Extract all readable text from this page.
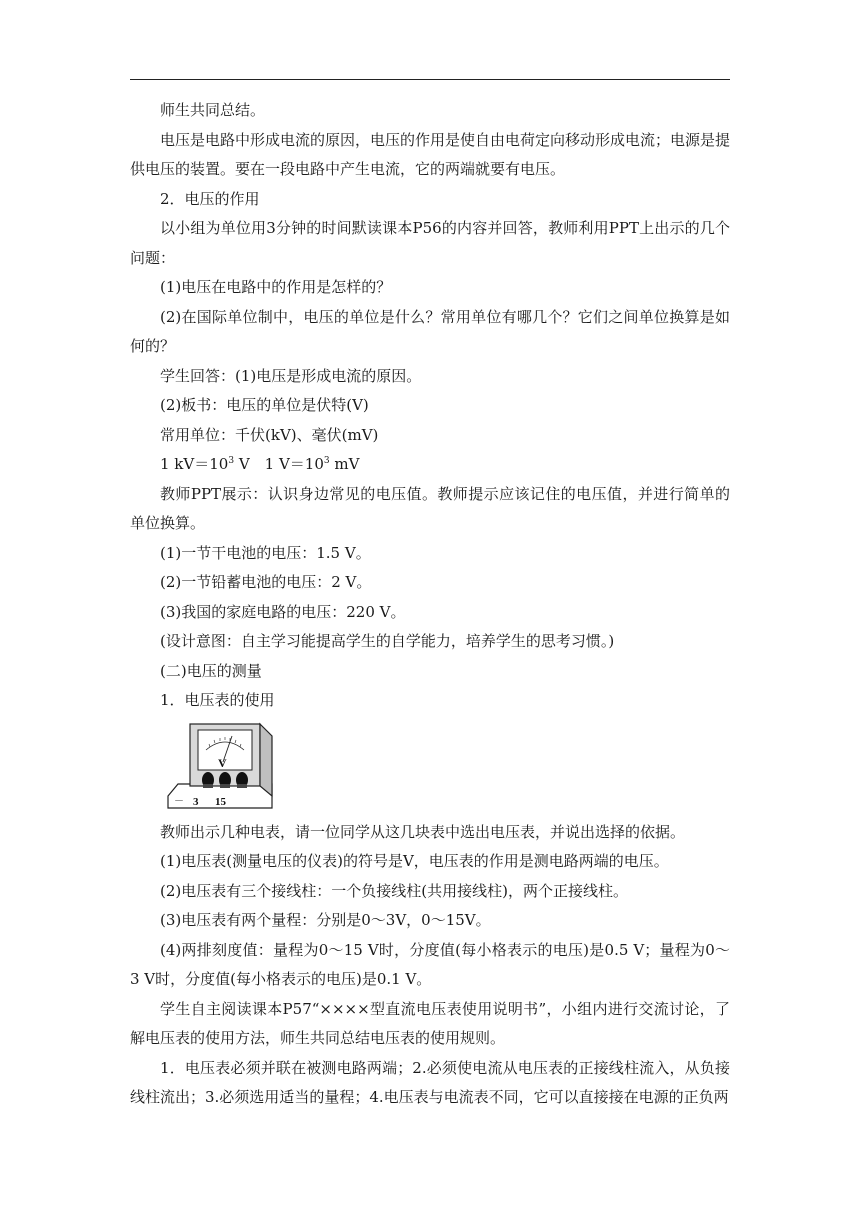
师生共同总结。

电压是电路中形成电流的原因，电压的作用是使自由电荷定向移动形成电流；电源是提供电压的装置。要在一段电路中产生电流，它的两端就要有电压。

2．电压的作用

以小组为单位用3分钟的时间默读课本P56的内容并回答，教师利用PPT上出示的几个问题：

(1)电压在电路中的作用是怎样的？

(2)在国际单位制中，电压的单位是什么？常用单位有哪几个？它们之间单位换算是如何的？

学生回答：(1)电压是形成电流的原因。

(2)板书：电压的单位是伏特(V)

常用单位：千伏(kV)、毫伏(mV)

1 $kV=10^3$ V　1 $V=10^3$ mV

教师PPT展示：认识身边常见的电压值。教师提示应该记住的电压值，并进行简单的单位换算。

(1)一节干电池的电压：1.5 V。

(2)一节铅蓄电池的电压：2 V。

(3)我国的家庭电路的电压：220 V。

(设计意图：自主学习能提高学生的自学能力，培养学生的思考习惯。)

(二)电压的测量

1．电压表的使用

V
－ 3 15

教师出示几种电表，请一位同学从这几块表中选出电压表，并说出选择的依据。

(1)电压表(测量电压的仪表)的符号是V，电压表的作用是测电路两端的电压。

(2)电压表有三个接线柱：一个负接线柱(共用接线柱)，两个正接线柱。

(3)电压表有两个量程：分别是0～3V，0～15V。

(4)两排刻度值：量程为0～15 V时，分度值(每小格表示的电压)是0.5 V；量程为0～3 V时，分度值(每小格表示的电压)是0.1 V。

学生自主阅读课本P57“××××型直流电压表使用说明书”，小组内进行交流讨论，了解电压表的使用方法，师生共同总结电压表的使用规则。

1．电压表必须并联在被测电路两端；2.必须使电流从电压表的正接线柱流入，从负接线柱流出；3.必须选用适当的量程；4.电压表与电流表不同，它可以直接接在电源的正负两
